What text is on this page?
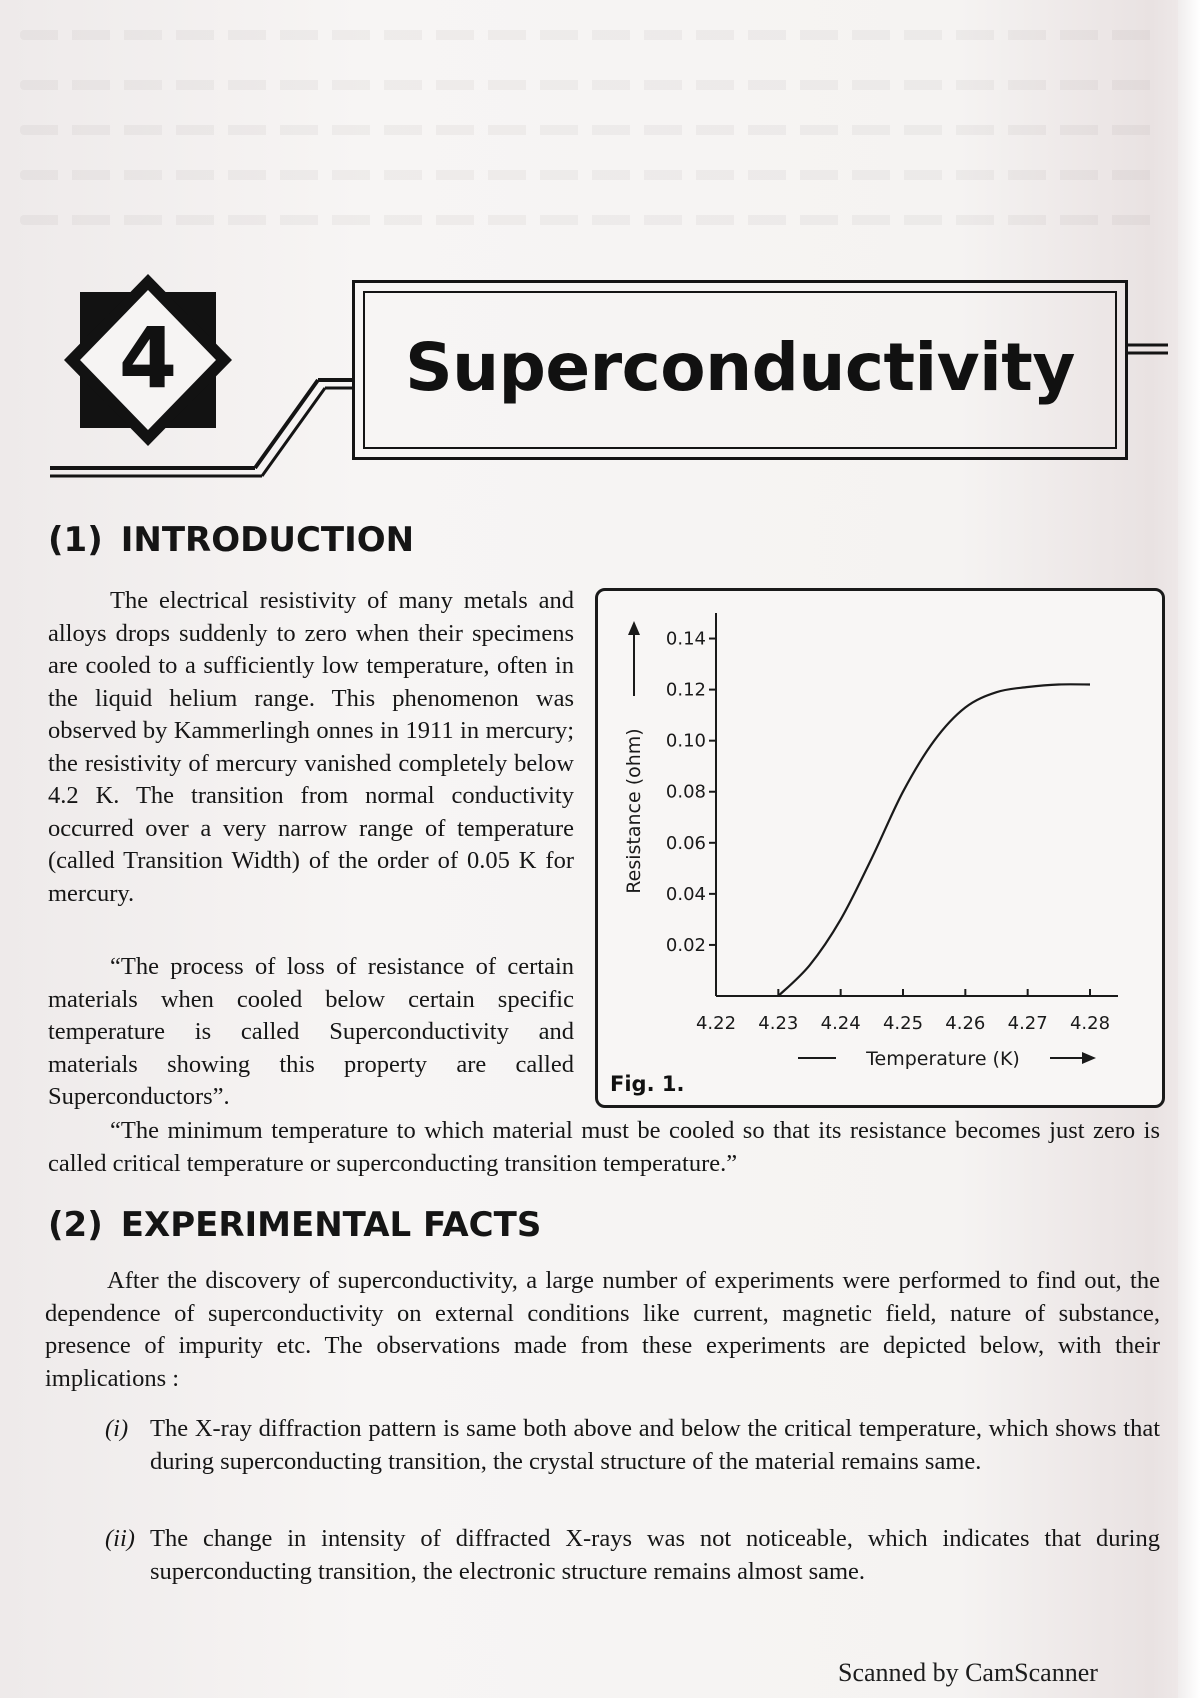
4	Superconductivity
(1) INTRODUCTION

The electrical resistivity of many metals and alloys drops suddenly to zero when their specimens are cooled to a sufficiently low temperature, often in the liquid helium range. This phenomenon was observed by Kammerlingh onnes in 1911 in mercury; the resistivity of mercury vanished completely below 4.2 K. The transition from normal conductivity occurred over a very narrow range of temperature (called Transition Width) of the order of 0.05 K for mercury.

“The process of loss of resistance of certain materials when cooled below certain specific temperature is called Superconductivity and materials showing this property are called Superconductors”.

0.02
0.04
0.06
0.08
0.10
0.12
0.14
4.22 4.23 4.24 4.25 4.26 4.27 4.28
Resistance (ohm)
Temperature (K)
Fig. 1.

“The minimum temperature to which material must be cooled so that its resistance becomes just zero is called critical temperature or superconducting transition temperature.”

(2) EXPERIMENTAL FACTS

After the discovery of superconductivity, a large number of experiments were performed to find out, the dependence of superconductivity on external conditions like current, magnetic field, nature of substance, presence of impurity etc. The observations made from these experiments are depicted below, with their implications :

(i) The X-ray diffraction pattern is same both above and below the critical temperature, which shows that during superconducting transition, the crystal structure of the material remains same.
(ii) The change in intensity of diffracted X-rays was not noticeable, which indicates that during superconducting transition, the electronic structure remains almost same.

Scanned by CamScanner
